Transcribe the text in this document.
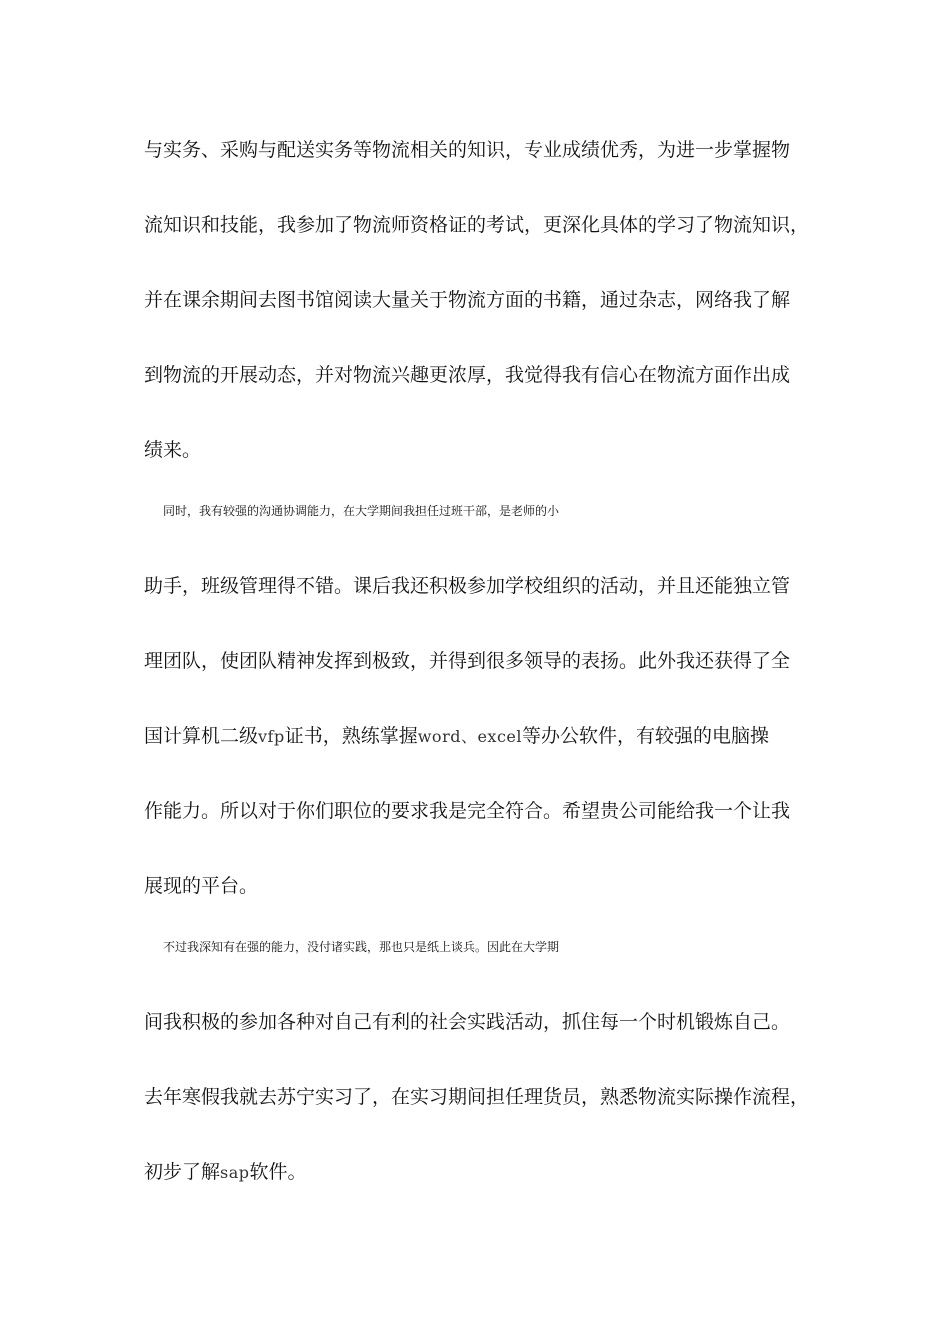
与实务、采购与配送实务等物流相关的知识，专业成绩优秀，为进一步掌握物
流知识和技能，我参加了物流师资格证的考试，更深化具体的学习了物流知识，
并在课余期间去图书馆阅读大量关于物流方面的书籍，通过杂志，网络我了解
到物流的开展动态，并对物流兴趣更浓厚，我觉得我有信心在物流方面作出成
绩来。
同时，我有较强的沟通协调能力，在大学期间我担任过班干部，是老师的小
助手，班级管理得不错。课后我还积极参加学校组织的活动，并且还能独立管
理团队，使团队精神发挥到极致，并得到很多领导的表扬。此外我还获得了全
国计算机二级vfp证书，熟练掌握word、excel等办公软件，有较强的电脑操
作能力。所以对于你们职位的要求我是完全符合。希望贵公司能给我一个让我
展现的平台。
不过我深知有在强的能力，没付诸实践，那也只是纸上谈兵。因此在大学期
间我积极的参加各种对自己有利的社会实践活动，抓住每一个时机锻炼自己。
去年寒假我就去苏宁实习了，在实习期间担任理货员，熟悉物流实际操作流程，
初步了解sap软件。
